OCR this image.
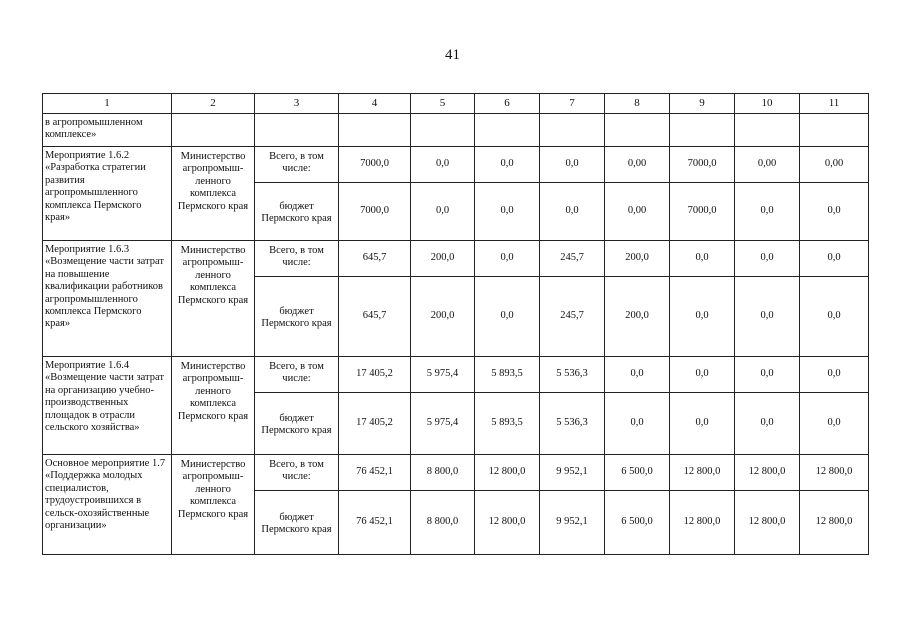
41
1	2	3	4	5	6	7	8	9	10	11
в агропромышленном комплексе»										
Мероприятие 1.6.2 «Разработка стратегии развития агропромышленного комплекса Пермского края»	Министерство агропромыш-ленного комплекса Пермского края	Всего, в том числе:	7000,0	0,0	0,0	0,0	0,00	7000,0	0,00	0,00
		бюджет Пермского края	7000,0	0,0	0,0	0,0	0,00	7000,0	0,0	0,0
Мероприятие 1.6.3 «Возмещение части затрат на повышение квалификации работников агропромышленного комплекса Пермского края»	Министерство агропромыш-ленного комплекса Пермского края	Всего, в том числе:	645,7	200,0	0,0	245,7	200,0	0,0	0,0	0,0
		бюджет Пермского края	645,7	200,0	0,0	245,7	200,0	0,0	0,0	0,0
Мероприятие 1.6.4 «Возмещение части затрат на организацию учебно-производственных площадок в отрасли сельского хозяйства»	Министерство агропромыш-ленного комплекса Пермского края	Всего, в том числе:	17 405,2	5 975,4	5 893,5	5 536,3	0,0	0,0	0,0	0,0
		бюджет Пермского края	17 405,2	5 975,4	5 893,5	5 536,3	0,0	0,0	0,0	0,0
Основное мероприятие 1.7 «Поддержка молодых специалистов, трудоустроившихся в сельск-охозяйственные организации»	Министерство агропромыш-ленного комплекса Пермского края	Всего, в том числе:	76 452,1	8 800,0	12 800,0	9 952,1	6 500,0	12 800,0	12 800,0	12 800,0
		бюджет Пермского края	76 452,1	8 800,0	12 800,0	9 952,1	6 500,0	12 800,0	12 800,0	12 800,0
